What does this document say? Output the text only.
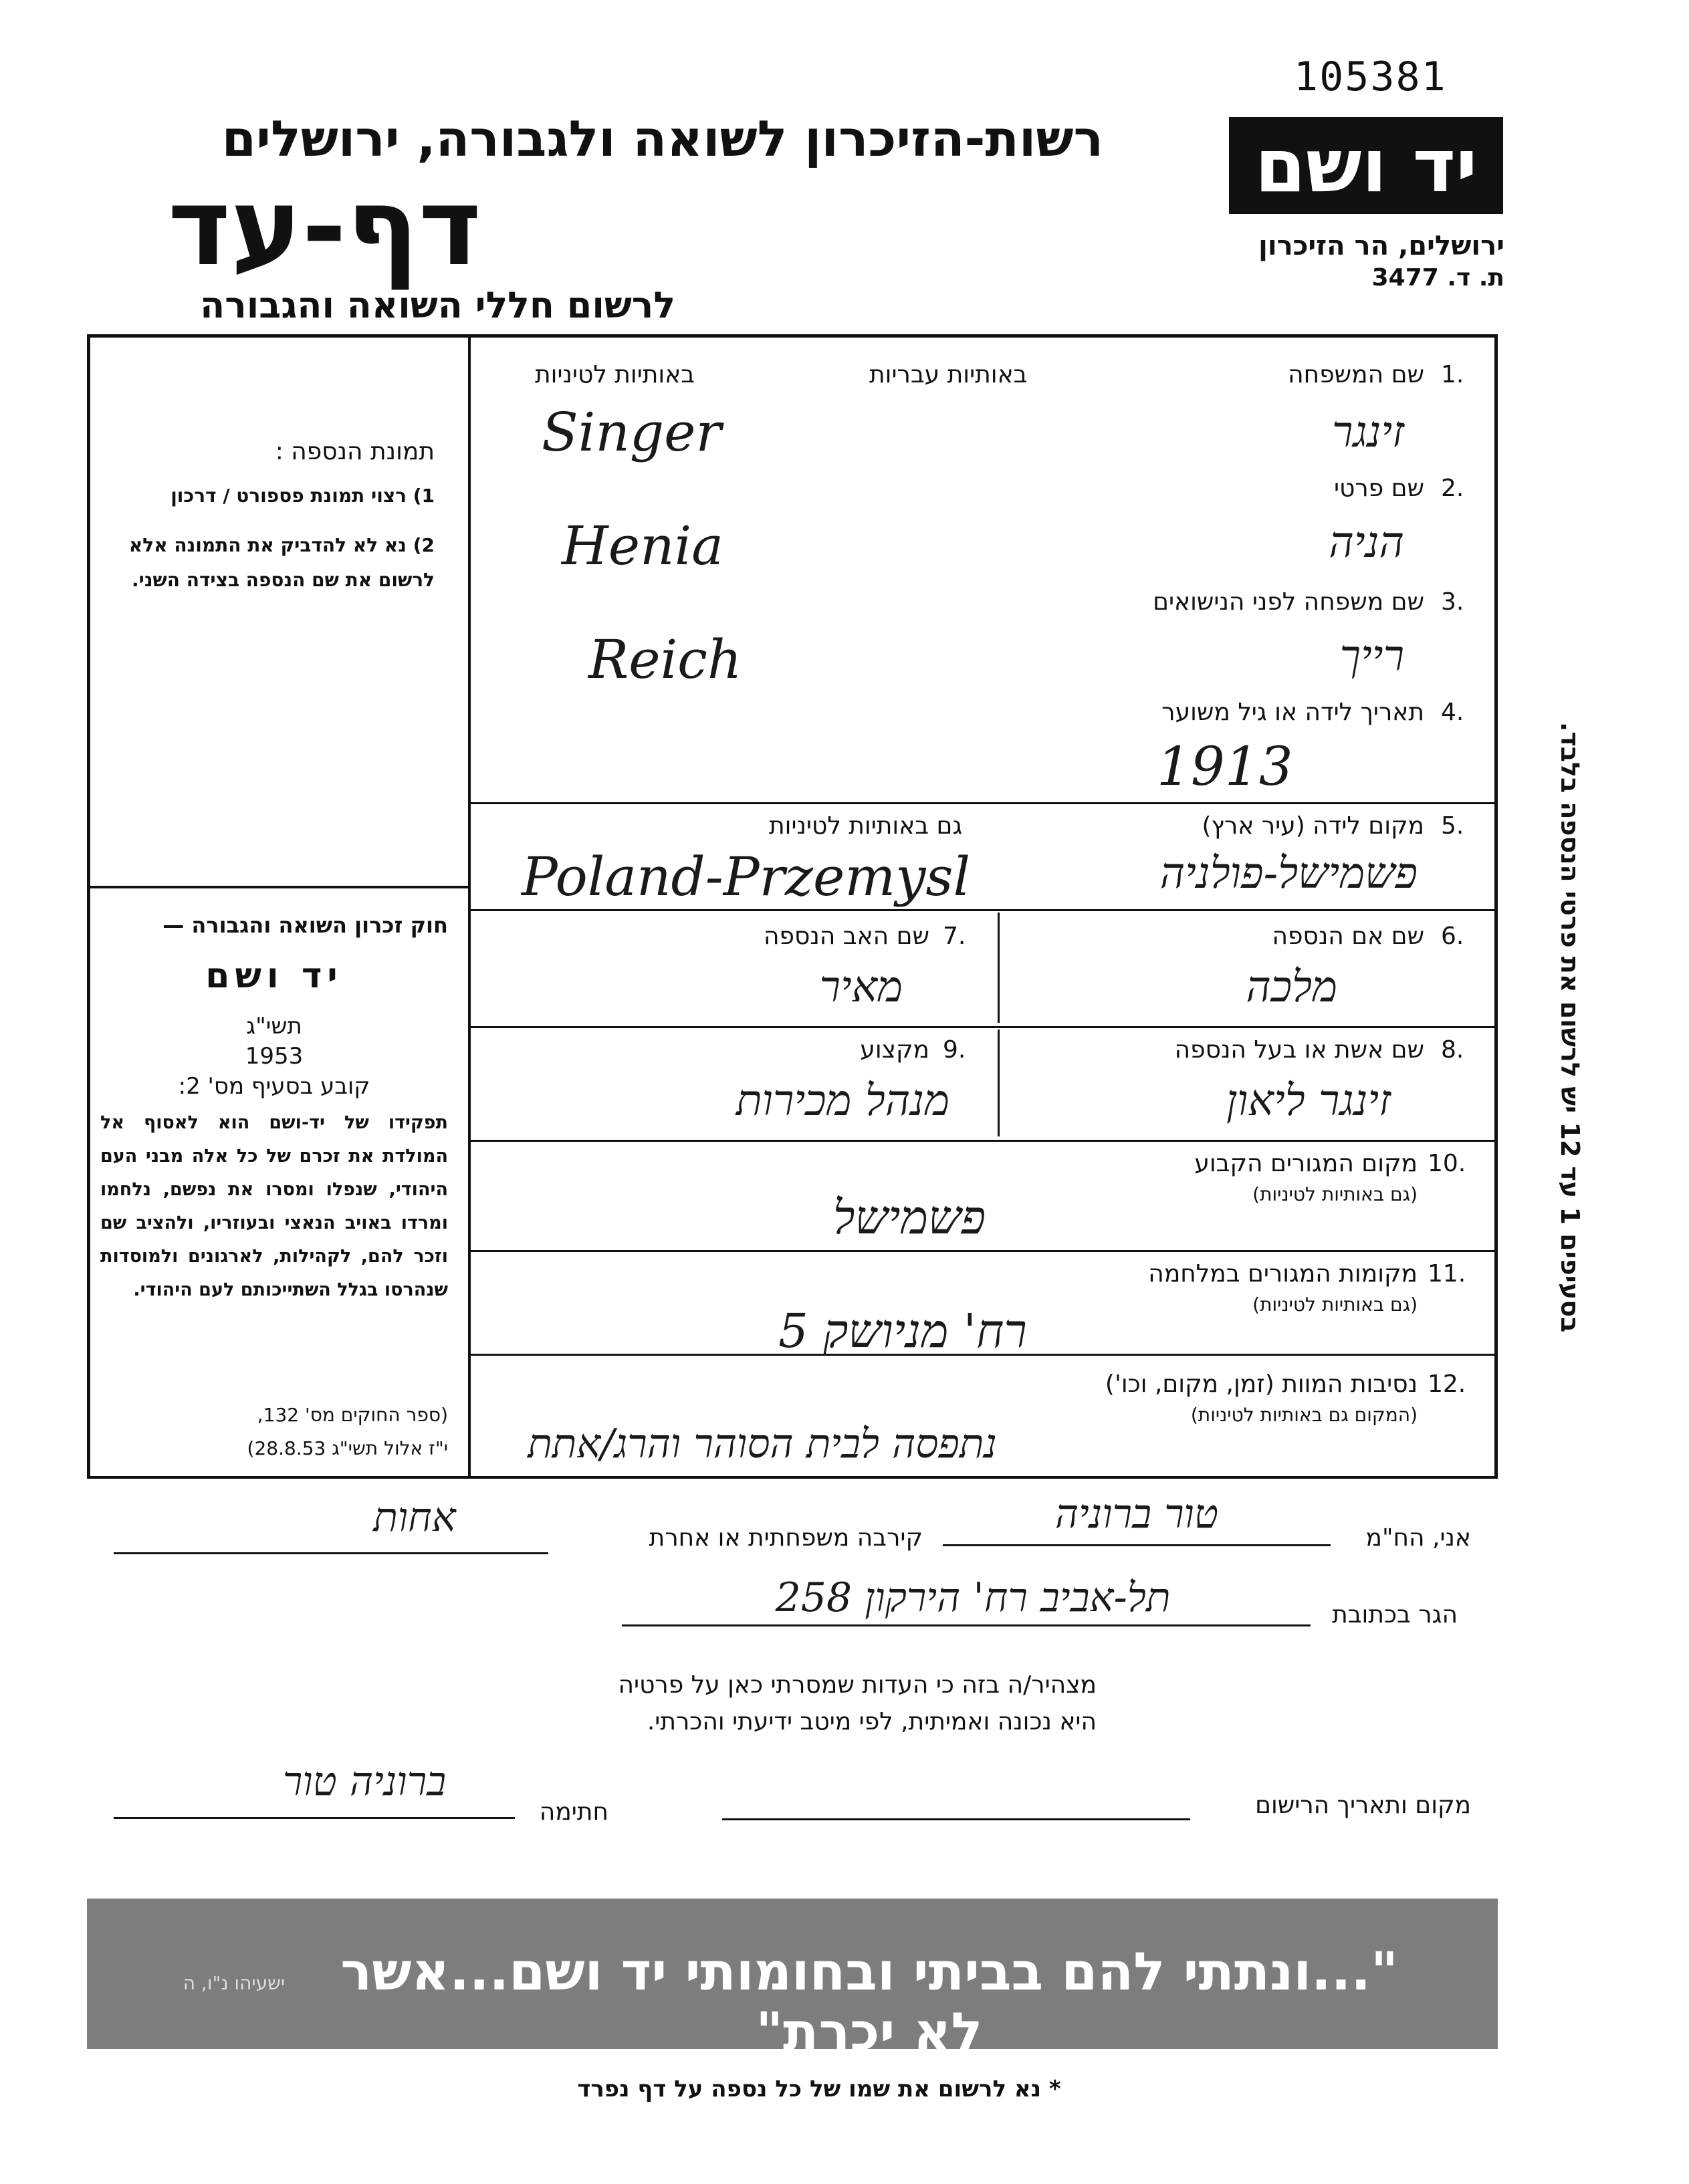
105381
יד ושם
ירושלים, הר הזיכרון
ת. ד. 3477
רשות-הזיכרון לשואה ולגבורה, ירושלים
דף-עד
לרשום חללי השואה והגבורה
תמונת הנספה :
1) רצוי תמונת פספורט / דרכון
2) נא לא להדביק את התמונה אלא לרשום את שם הנספה בצידה השני.
חוק זכרון השואה והגבורה —
יד ושם
תשי"ג
1953
קובע בסעיף מס' 2:
תפקידו של יד-ושם הוא לאסוף אל המולדת את זכרם של כל אלה מבני העם היהודי, שנפלו ומסרו את נפשם, נלחמו ומרדו באויב הנאצי ובעוזריו, ולהציב שם וזכר להם, לקהילות, לארגונים ולמוסדות שנהרסו בגלל השתייכותם לעם היהודי.
(ספר החוקים מס' 132,
י"ז אלול תשי"ג 28.8.53)
באותיות עבריות
באותיות לטיניות	1.
שם המשפחה
זינגר
Singer
2.
שם פרטי
הניה
Henia
3.
שם משפחה לפני הנישואים
רייך
Reich
4.
תאריך לידה או גיל משוער
1913
5.
מקום לידה (עיר ארץ)
גם באותיות לטיניות
פשמישל-פולניה
Poland-Przemysl
6.
שם אם הנספה
מלכה
7.
שם האב הנספה
מאיר
8.
שם אשת או בעל הנספה
זינגר ליאון
9.
מקצוע
מנהל מכירות
10.
מקום המגורים הקבוע
(גם באותיות לטיניות)
פשמישל
11.
מקומות המגורים במלחמה
(גם באותיות לטיניות)
רח' מניושק 5
12.
נסיבות המוות (זמן, מקום, וכו')
(המקום גם באותיות לטיניות)
נתפסה לבית הסוהר והרג/אתת
בסעיפים 1 עד 12 יש לרשום את פרטי הנספה בלבד.
אני, הח"מ
טור ברוניה
קירבה משפחתית או אחרת
אחות
הגר בכתובת
תל-אביב רח' הירקון 258
מצהיר/ה בזה כי העדות שמסרתי כאן על פרטיה
היא נכונה ואמיתית, לפי מיטב ידיעתי והכרתי.
מקום ותאריך הרישום
חתימה
ברוניה טור
"...ונתתי להם בביתי ובחומותי יד ושם...אשר לא יכרת"
ישעיהו נ"ו, ה
* נא לרשום את שמו של כל נספה על דף נפרד
